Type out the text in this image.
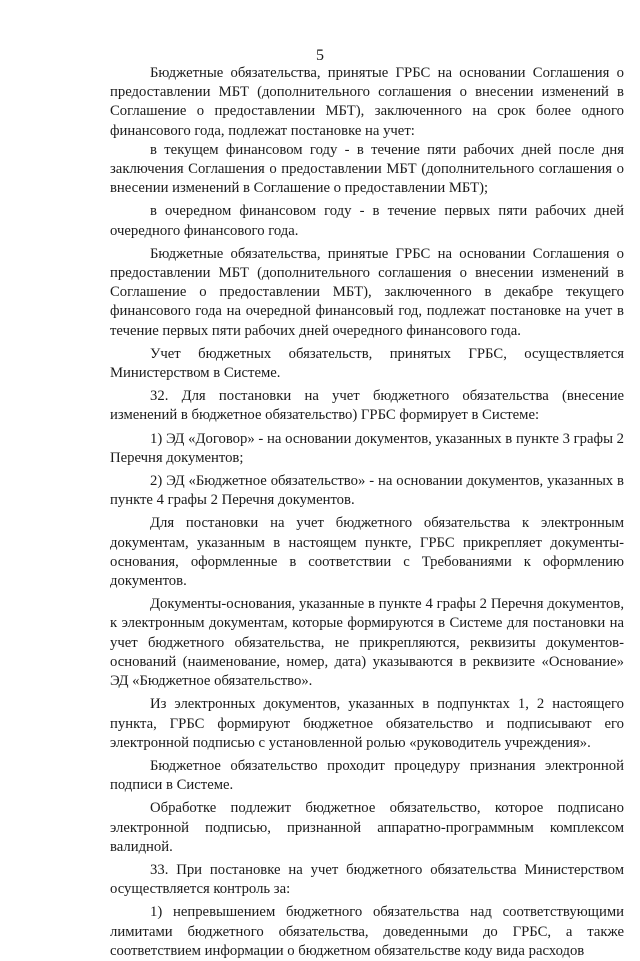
5

Бюджетные обязательства, принятые ГРБС на основании Соглашения о предоставлении МБТ (дополнительного соглашения о внесении изменений в Соглашение о предоставлении МБТ), заключенного на срок более одного финансового года, подлежат постановке на учет:

в текущем финансовом году - в течение пяти рабочих дней после дня заключения Соглашения о предоставлении МБТ (дополнительного соглашения о внесении изменений в Соглашение о предоставлении МБТ);

в очередном финансовом году - в течение первых пяти рабочих дней очередного финансового года.

Бюджетные обязательства, принятые ГРБС на основании Соглашения о предоставлении МБТ (дополнительного соглашения о внесении изменений в Соглашение о предоставлении МБТ), заключенного в декабре текущего финансового года на очередной финансовый год, подлежат постановке на учет в течение первых пяти рабочих дней очередного финансового года.

Учет бюджетных обязательств, принятых ГРБС, осуществляется Министерством в Системе.

32. Для постановки на учет бюджетного обязательства (внесение изменений в бюджетное обязательство) ГРБС формирует в Системе:

1) ЭД «Договор» - на основании документов, указанных в пункте 3 графы 2 Перечня документов;

2) ЭД «Бюджетное обязательство» - на основании документов, указанных в пункте 4 графы 2 Перечня документов.

Для постановки на учет бюджетного обязательства к электронным документам, указанным в настоящем пункте, ГРБС прикрепляет документы-основания, оформленные в соответствии с Требованиями к оформлению документов.

Документы-основания, указанные в пункте 4 графы 2 Перечня документов, к электронным документам, которые формируются в Системе для постановки на учет бюджетного обязательства, не прикрепляются, реквизиты документов-оснований (наименование, номер, дата) указываются в реквизите «Основание» ЭД «Бюджетное обязательство».

Из электронных документов, указанных в подпунктах 1, 2 настоящего пункта, ГРБС формируют бюджетное обязательство и подписывают его электронной подписью с установленной ролью «руководитель учреждения».

Бюджетное обязательство проходит процедуру признания электронной подписи в Системе.

Обработке подлежит бюджетное обязательство, которое подписано электронной подписью, признанной аппаратно-программным комплексом валидной.

33. При постановке на учет бюджетного обязательства Министерством осуществляется контроль за:

1) непревышением бюджетного обязательства над соответствующими лимитами бюджетного обязательства, доведенными до ГРБС, а также соответствием информации о бюджетном обязательстве коду вида расходов
